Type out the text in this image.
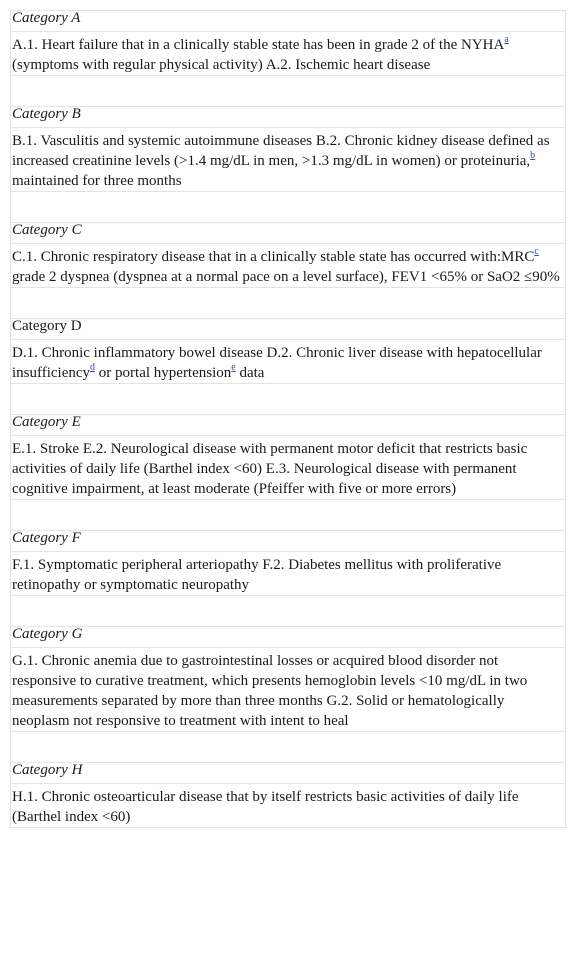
Category A
A.1. Heart failure that in a clinically stable state has been in grade 2 of the NYHA$^a$ (symptoms with regular physical activity) A.2. Ischemic heart disease
Category B
B.1. Vasculitis and systemic autoimmune diseases B.2. Chronic kidney disease defined as increased creatinine levels (>1.4 mg/dL in men, >1.3 mg/dL in women) or proteinuria,$^b$ maintained for three months
Category C
C.1. Chronic respiratory disease that in a clinically stable state has occurred with:MRC$^c$ grade 2 dyspnea (dyspnea at a normal pace on a level surface), FEV1 <65% or SaO2 ≤90%
Category D
D.1. Chronic inflammatory bowel disease D.2. Chronic liver disease with hepatocellular insufficiency$^d$ or portal hypertension$^e$ data
Category E
E.1. Stroke E.2. Neurological disease with permanent motor deficit that restricts basic activities of daily life (Barthel index <60) E.3. Neurological disease with permanent cognitive impairment, at least moderate (Pfeiffer with five or more errors)
Category F
F.1. Symptomatic peripheral arteriopathy F.2. Diabetes mellitus with proliferative retinopathy or symptomatic neuropathy
Category G
G.1. Chronic anemia due to gastrointestinal losses or acquired blood disorder not responsive to curative treatment, which presents hemoglobin levels <10 mg/dL in two measurements separated by more than three months G.2. Solid or hematologically neoplasm not responsive to treatment with intent to heal
Category H
H.1. Chronic osteoarticular disease that by itself restricts basic activities of daily life (Barthel index <60)
